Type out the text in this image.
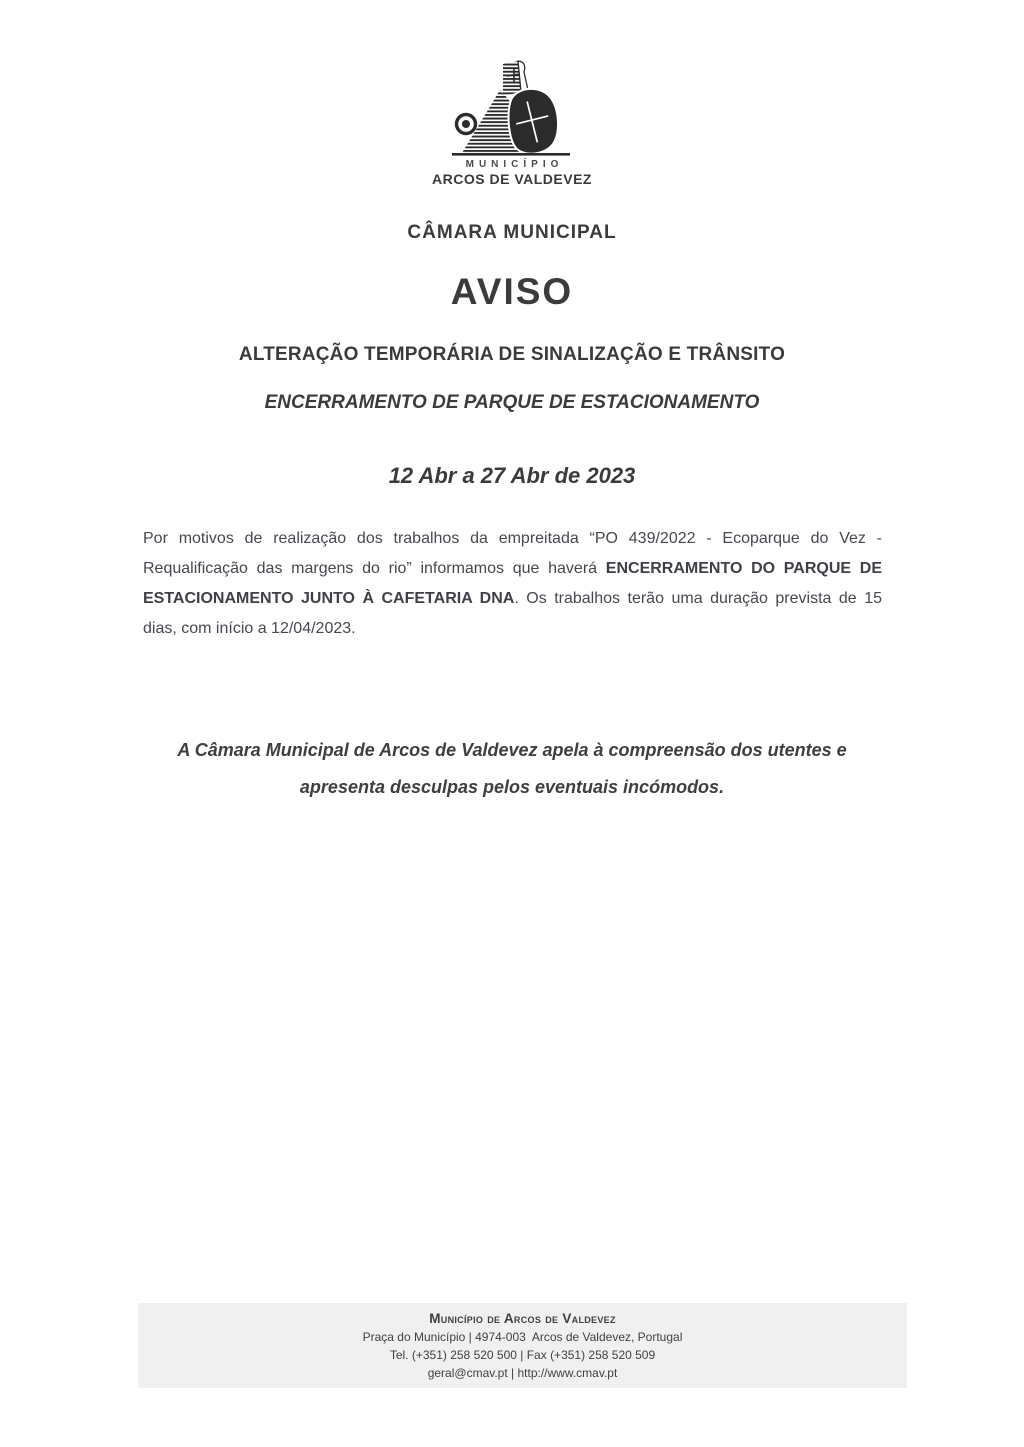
MUNICÍPIO
ARCOS DE VALDEVEZ
CÂMARA MUNICIPAL
AVISO
ALTERAÇÃO TEMPORÁRIA DE SINALIZAÇÃO E TRÂNSITO
ENCERRAMENTO DE PARQUE DE ESTACIONAMENTO
12 Abr a 27 Abr de 2023

Por motivos de realização dos trabalhos da empreitada “PO 439/2022 - Ecoparque do Vez - Requalificação das margens do rio” informamos que haverá ENCERRAMENTO DO PARQUE DE ESTACIONAMENTO JUNTO À CAFETARIA DNA. Os trabalhos terão uma duração prevista de 15 dias, com início a 12/04/2023.

A Câmara Municipal de Arcos de Valdevez apela à compreensão dos utentes e apresenta desculpas pelos eventuais incómodos.

Município de Arcos de Valdevez
Praça do Município | 4974-003  Arcos de Valdevez, Portugal
Tel. (+351) 258 520 500 | Fax (+351) 258 520 509
geral@cmav.pt | http://www.cmav.pt
